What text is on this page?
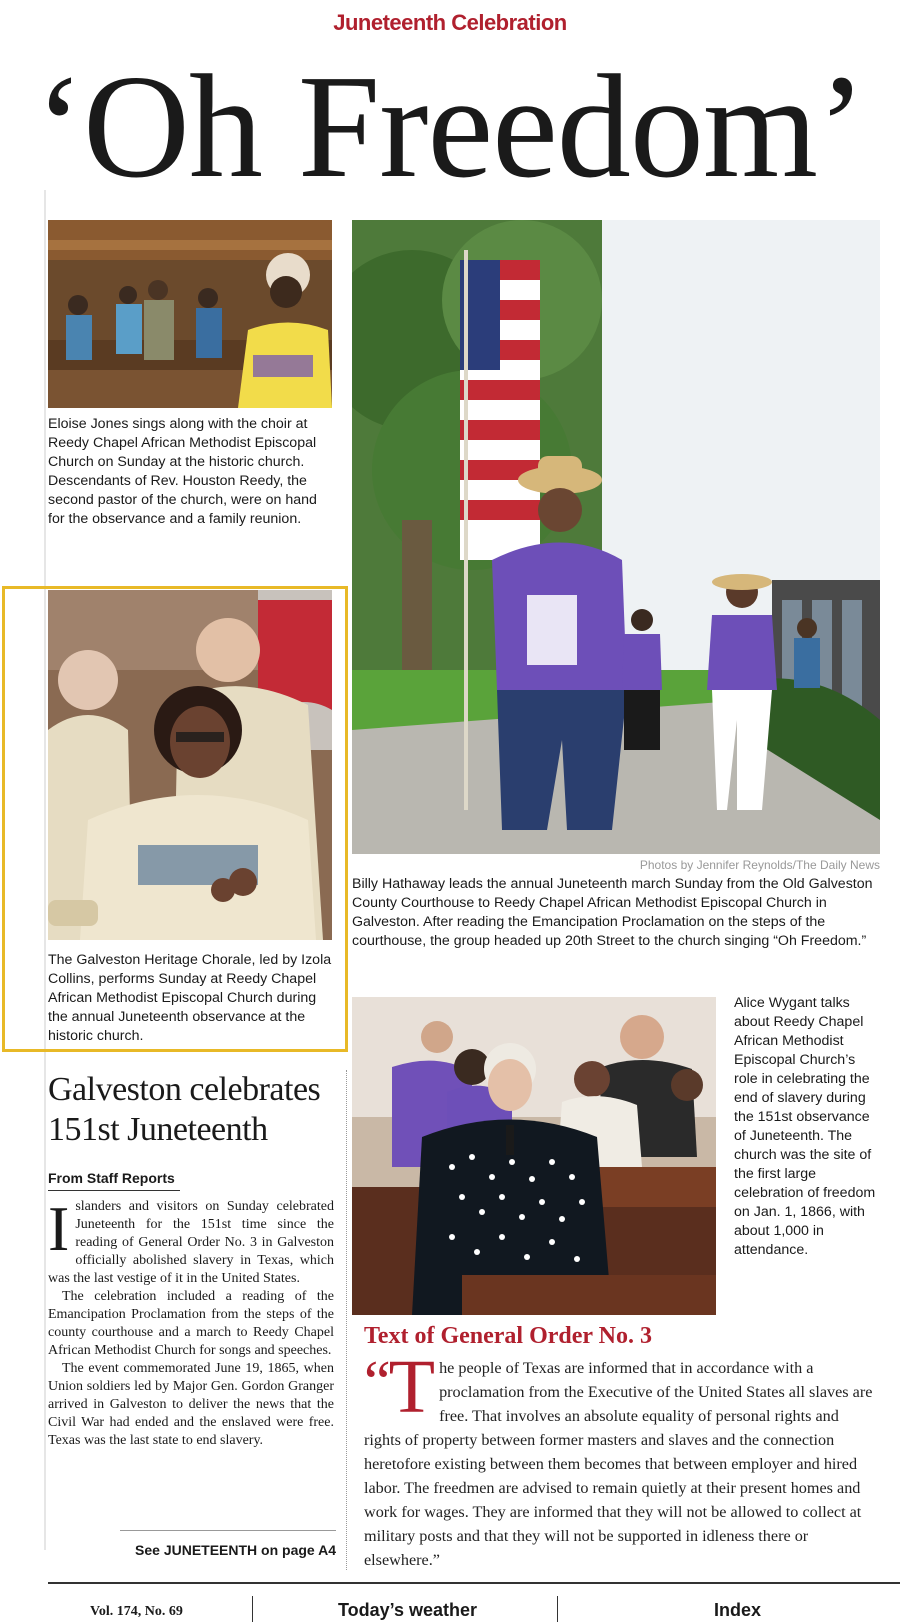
Juneteenth Celebration
‘Oh Freedom’
Eloise Jones sings along with the choir at Reedy Chapel African Methodist Episcopal Church on Sunday at the historic church. Descendants of Rev. Houston Reedy, the second pastor of the church, were on hand for the observance and a family reunion.
Photos by Jennifer Reynolds/The Daily News
Billy Hathaway leads the annual Juneteenth march Sunday from the Old Galveston County Courthouse to Reedy Chapel African Methodist Episcopal Church in Galveston. After reading the Emancipation Proclamation on the steps of the courthouse, the group headed up 20th Street to the church singing “Oh Freedom.”
The Galveston Heritage Chorale, led by Izola Collins, performs Sunday at Reedy Chapel African Methodist Episcopal Church during the annual Juneteenth observance at the historic church.
Alice Wygant talks about Reedy Chapel African Methodist Episcopal Church’s role in celebrating the end of slavery during the 151st observance of Juneteenth. The church was the site of the first large celebration of freedom on Jan. 1, 1866, with about 1,000 in attendance.
Galveston celebrates
151st Juneteenth
From Staff Reports

Islanders and visitors on Sunday celebrated Juneteenth for the 151st time since the reading of General Order No. 3 in Galveston officially abolished slavery in Texas, which was the last vestige of it in the United States.

The celebration included a reading of the Emancipation Proclamation from the steps of the county courthouse and a march to Reedy Chapel African Methodist Church for songs and speeches.

The event commemorated June 19, 1865, when Union soldiers led by Major Gen. Gordon Granger arrived in Galveston to deliver the news that the Civil War had ended and the enslaved were free. Texas was the last state to end slavery.

See JUNETEENTH on page A4
Text of General Order No. 3
“
T he people of Texas are informed that in accordance with a proclamation from the Executive of the United States all slaves are free. That involves an absolute equality of personal rights and rights of property between former masters and slaves and the connection heretofore existing between them becomes that between employer and hired labor. The freedmen are advised to remain quietly at their present homes and work for wages. They are informed that they will not be allowed to collect at military posts and that they will not be supported in idleness there or elsewhere.”
Vol. 174, No. 69	Today’s weather	Index
